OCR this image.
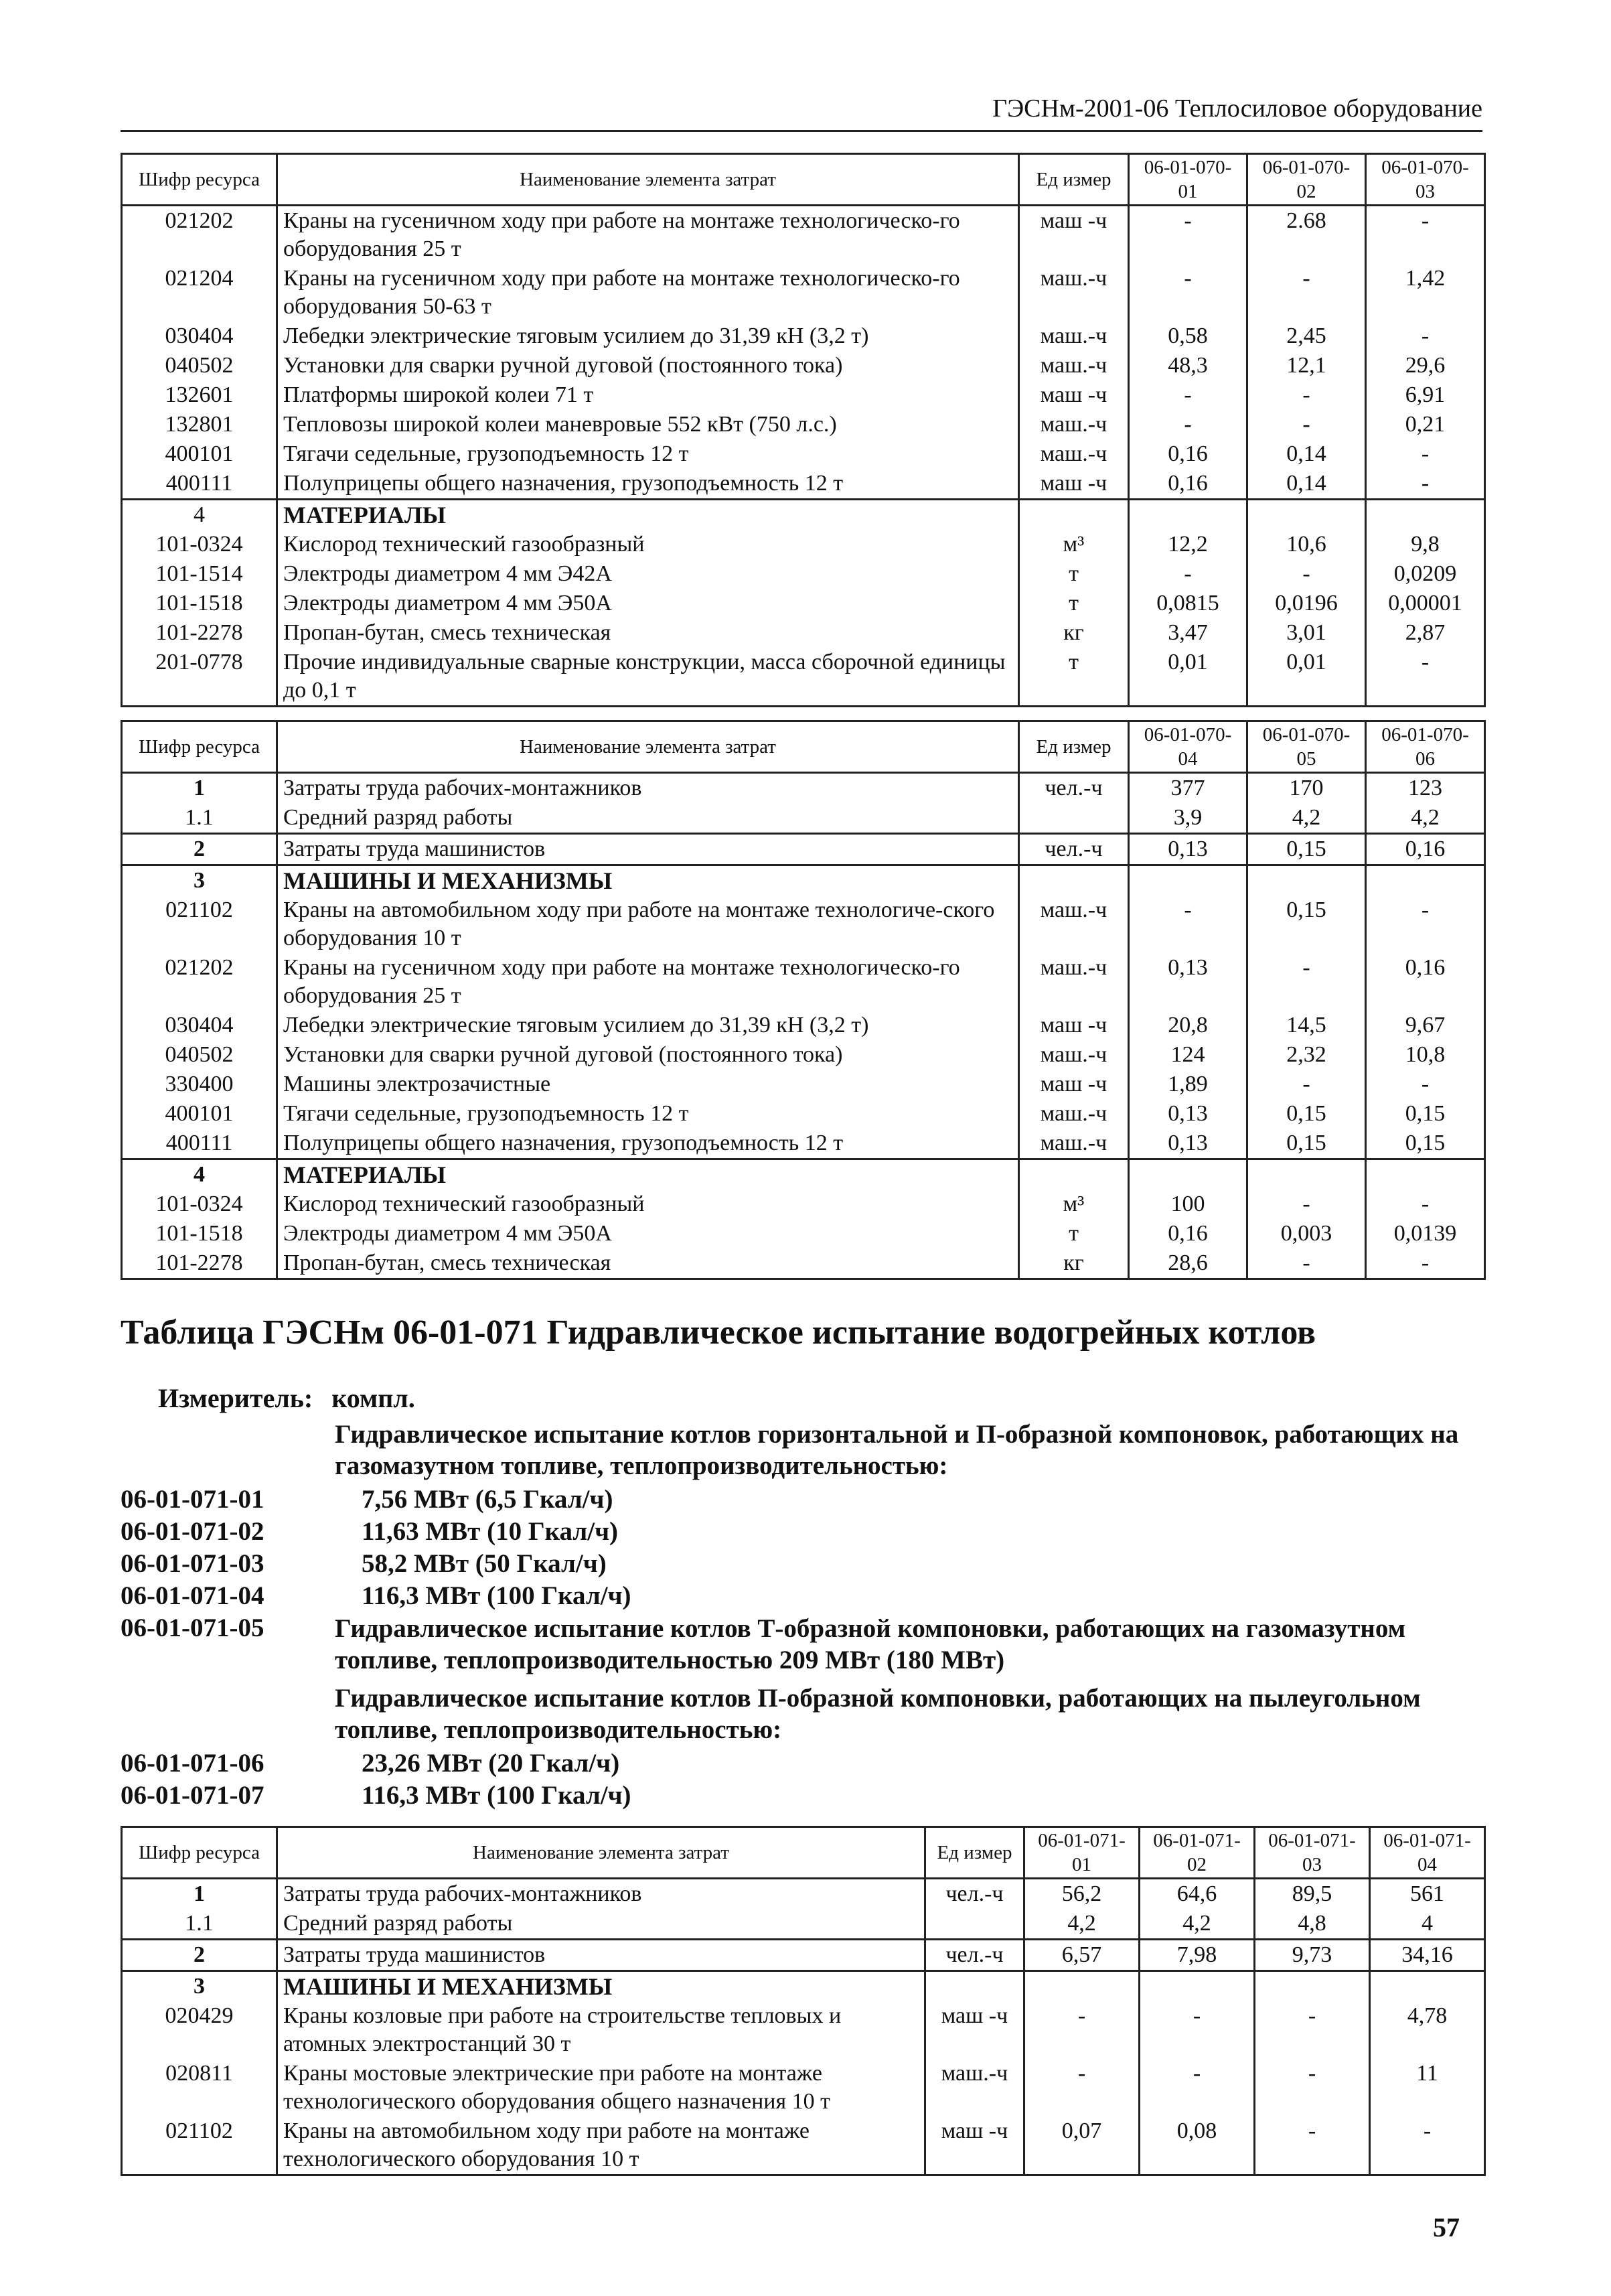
ГЭСНм-2001-06 Теплосиловое оборудование
Шифр ресурса	Наименование элемента затрат	Ед измер	06-01-070-01	06-01-070-02	06-01-070-03
021202	Краны на гусеничном ходу при работе на монтаже технологическо-го оборудования 25 т	маш -ч	-	2.68	-
021204	Краны на гусеничном ходу при работе на монтаже технологическо-го оборудования 50-63 т	маш.-ч	-	-	1,42
030404	Лебедки электрические тяговым усилием до 31,39 кН (3,2 т)	маш.-ч	0,58	2,45	-
040502	Установки для сварки ручной дуговой (постоянного тока)	маш.-ч	48,3	12,1	29,6
132601	Платформы широкой колеи 71 т	маш -ч	-	-	6,91
132801	Тепловозы широкой колеи маневровые 552 кВт (750 л.с.)	маш.-ч	-	-	0,21
400101	Тягачи седельные, грузоподъемность 12 т	маш.-ч	0,16	0,14	-
400111	Полуприцепы общего назначения, грузоподъемность 12 т	маш -ч	0,16	0,14	-
4	МАТЕРИАЛЫ				
101-0324	Кислород технический газообразный	м³	12,2	10,6	9,8
101-1514	Электроды диаметром 4 мм Э42А	т	-	-	0,0209
101-1518	Электроды диаметром 4 мм Э50А	т	0,0815	0,0196	0,00001
101-2278	Пропан-бутан, смесь техническая	кг	3,47	3,01	2,87
201-0778	Прочие индивидуальные сварные конструкции, масса сборочной единицы до 0,1 т	т	0,01	0,01	-
Шифр ресурса	Наименование элемента затрат	Ед измер	06-01-070-04	06-01-070-05	06-01-070-06
1	Затраты труда рабочих-монтажников	чел.-ч	377	170	123
1.1	Средний разряд работы		3,9	4,2	4,2
2	Затраты труда машинистов	чел.-ч	0,13	0,15	0,16
3	МАШИНЫ И МЕХАНИЗМЫ				
021102	Краны на автомобильном ходу при работе на монтаже технологиче-ского оборудования 10 т	маш.-ч	-	0,15	-
021202	Краны на гусеничном ходу при работе на монтаже технологическо-го оборудования 25 т	маш.-ч	0,13	-	0,16
030404	Лебедки электрические тяговым усилием до 31,39 кН (3,2 т)	маш -ч	20,8	14,5	9,67
040502	Установки для сварки ручной дуговой (постоянного тока)	маш.-ч	124	2,32	10,8
330400	Машины электрозачистные	маш -ч	1,89	-	-
400101	Тягачи седельные, грузоподъемность 12 т	маш.-ч	0,13	0,15	0,15
400111	Полуприцепы общего назначения, грузоподъемность 12 т	маш.-ч	0,13	0,15	0,15
4	МАТЕРИАЛЫ				
101-0324	Кислород технический газообразный	м³	100	-	-
101-1518	Электроды диаметром 4 мм Э50А	т	0,16	0,003	0,0139
101-2278	Пропан-бутан, смесь техническая	кг	28,6	-	-
Таблица ГЭСНм 06-01-071 Гидравлическое испытание водогрейных котлов
Измеритель: компл.
Гидравлическое испытание котлов горизонтальной и П-образной компоновок, работающих на газомазутном топливе, теплопроизводительностью:
06-01-071-01	7,56 МВт (6,5 Гкал/ч)
06-01-071-02	11,63 МВт (10 Гкал/ч)
06-01-071-03	58,2 МВт (50 Гкал/ч)
06-01-071-04	116,3 МВт (100 Гкал/ч)
06-01-071-05	Гидравлическое испытание котлов Т-образной компоновки, работающих на газомазутном топливе, теплопроизводительностью 209 МВт (180 МВт)
Гидравлическое испытание котлов П-образной компоновки, работающих на пылеугольном топливе, теплопроизводительностью:
06-01-071-06	23,26 МВт (20 Гкал/ч)
06-01-071-07	116,3 МВт (100 Гкал/ч)
Шифр ресурса	Наименование элемента затрат	Ед измер	06-01-071-01	06-01-071-02	06-01-071-03	06-01-071-04
1	Затраты труда рабочих-монтажников	чел.-ч	56,2	64,6	89,5	561
1.1	Средний разряд работы		4,2	4,2	4,8	4
2	Затраты труда машинистов	чел.-ч	6,57	7,98	9,73	34,16
3	МАШИНЫ И МЕХАНИЗМЫ					
020429	Краны козловые при работе на строительстве тепловых и атомных электростанций 30 т	маш -ч	-	-	-	4,78
020811	Краны мостовые электрические при работе на монтаже технологического оборудования общего назначения 10 т	маш.-ч	-	-	-	11
021102	Краны на автомобильном ходу при работе на монтаже технологического оборудования 10 т	маш -ч	0,07	0,08	-	-
57
